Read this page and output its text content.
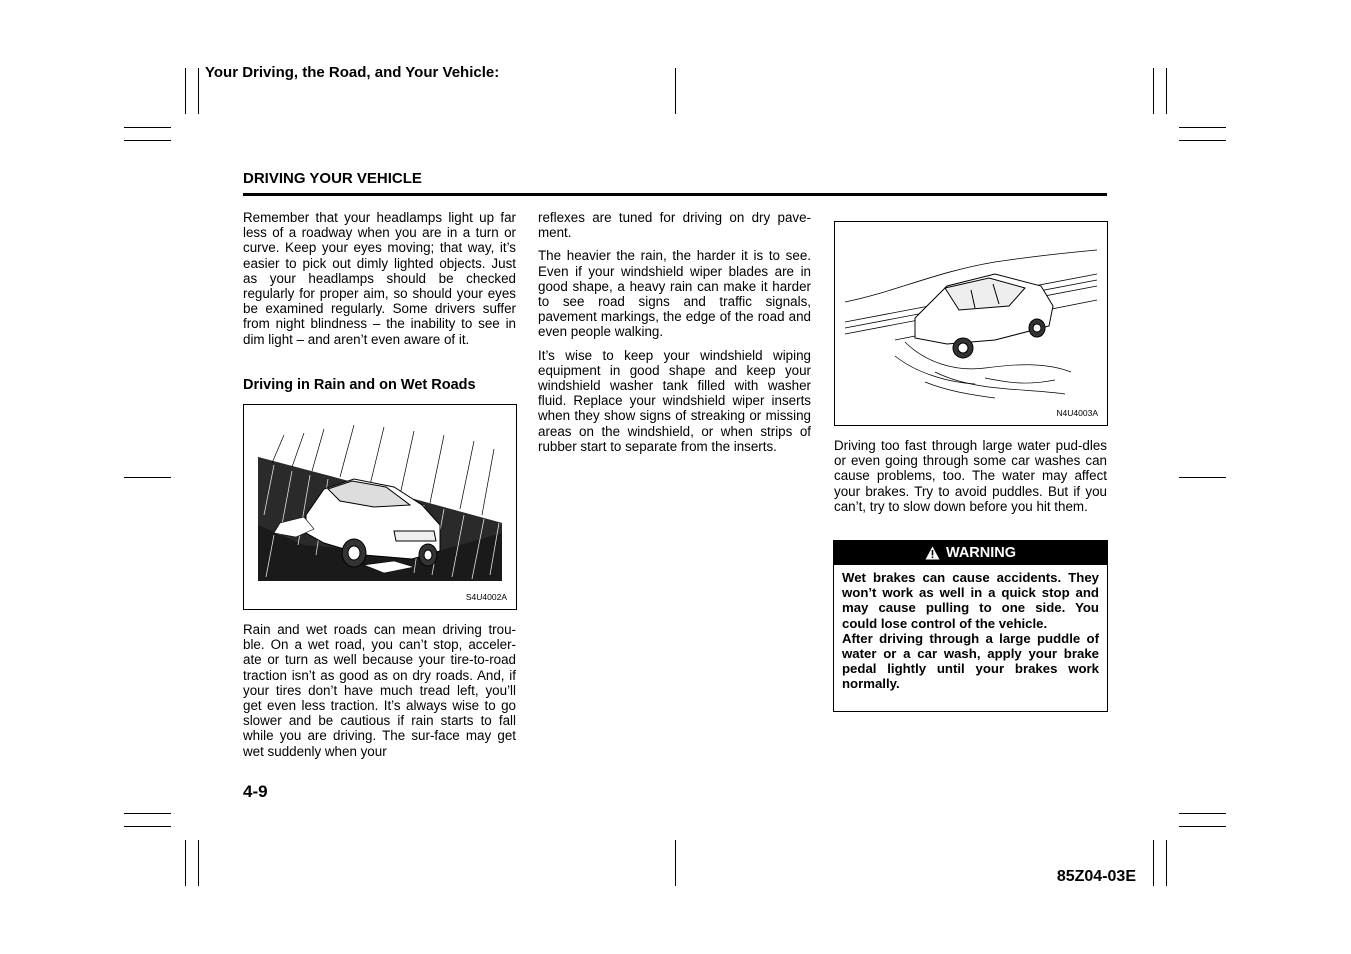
Your Driving, the Road, and Your Vehicle:
DRIVING YOUR VEHICLE

Remember that your headlamps light up far less of a roadway when you are in a turn or curve. Keep your eyes moving; that way, it’s easier to pick out dimly lighted objects. Just as your headlamps should be checked regularly for proper aim, so should your eyes be examined regularly. Some drivers suffer from night blindness – the inability to see in dim light – and aren’t even aware of it.

Driving in Rain and on Wet Roads
S4U4002A

Rain and wet roads can mean driving trou-ble. On a wet road, you can’t stop, acceler-ate or turn as well because your tire-to-road traction isn’t as good as on dry roads. And, if your tires don’t have much tread left, you’ll get even less traction. It’s always wise to go slower and be cautious if rain starts to fall while you are driving. The sur-face may get wet suddenly when your

reflexes are tuned for driving on dry pave-ment.

The heavier the rain, the harder it is to see. Even if your windshield wiper blades are in good shape, a heavy rain can make it harder to see road signs and traffic signals, pavement markings, the edge of the road and even people walking.

It’s wise to keep your windshield wiping equipment in good shape and keep your windshield washer tank filled with washer fluid. Replace your windshield wiper inserts when they show signs of streaking or missing areas on the windshield, or when strips of rubber start to separate from the inserts.

N4U4003A

Driving too fast through large water pud-dles or even going through some car washes can cause problems, too. The water may affect your brakes. Try to avoid puddles. But if you can’t, try to slow down before you hit them.

WARNING

Wet brakes can cause accidents. They won’t work as well in a quick stop and may cause pulling to one side. You could lose control of the vehicle.

After driving through a large puddle of water or a car wash, apply your brake pedal lightly until your brakes work normally.

4-9
85Z04-03E
